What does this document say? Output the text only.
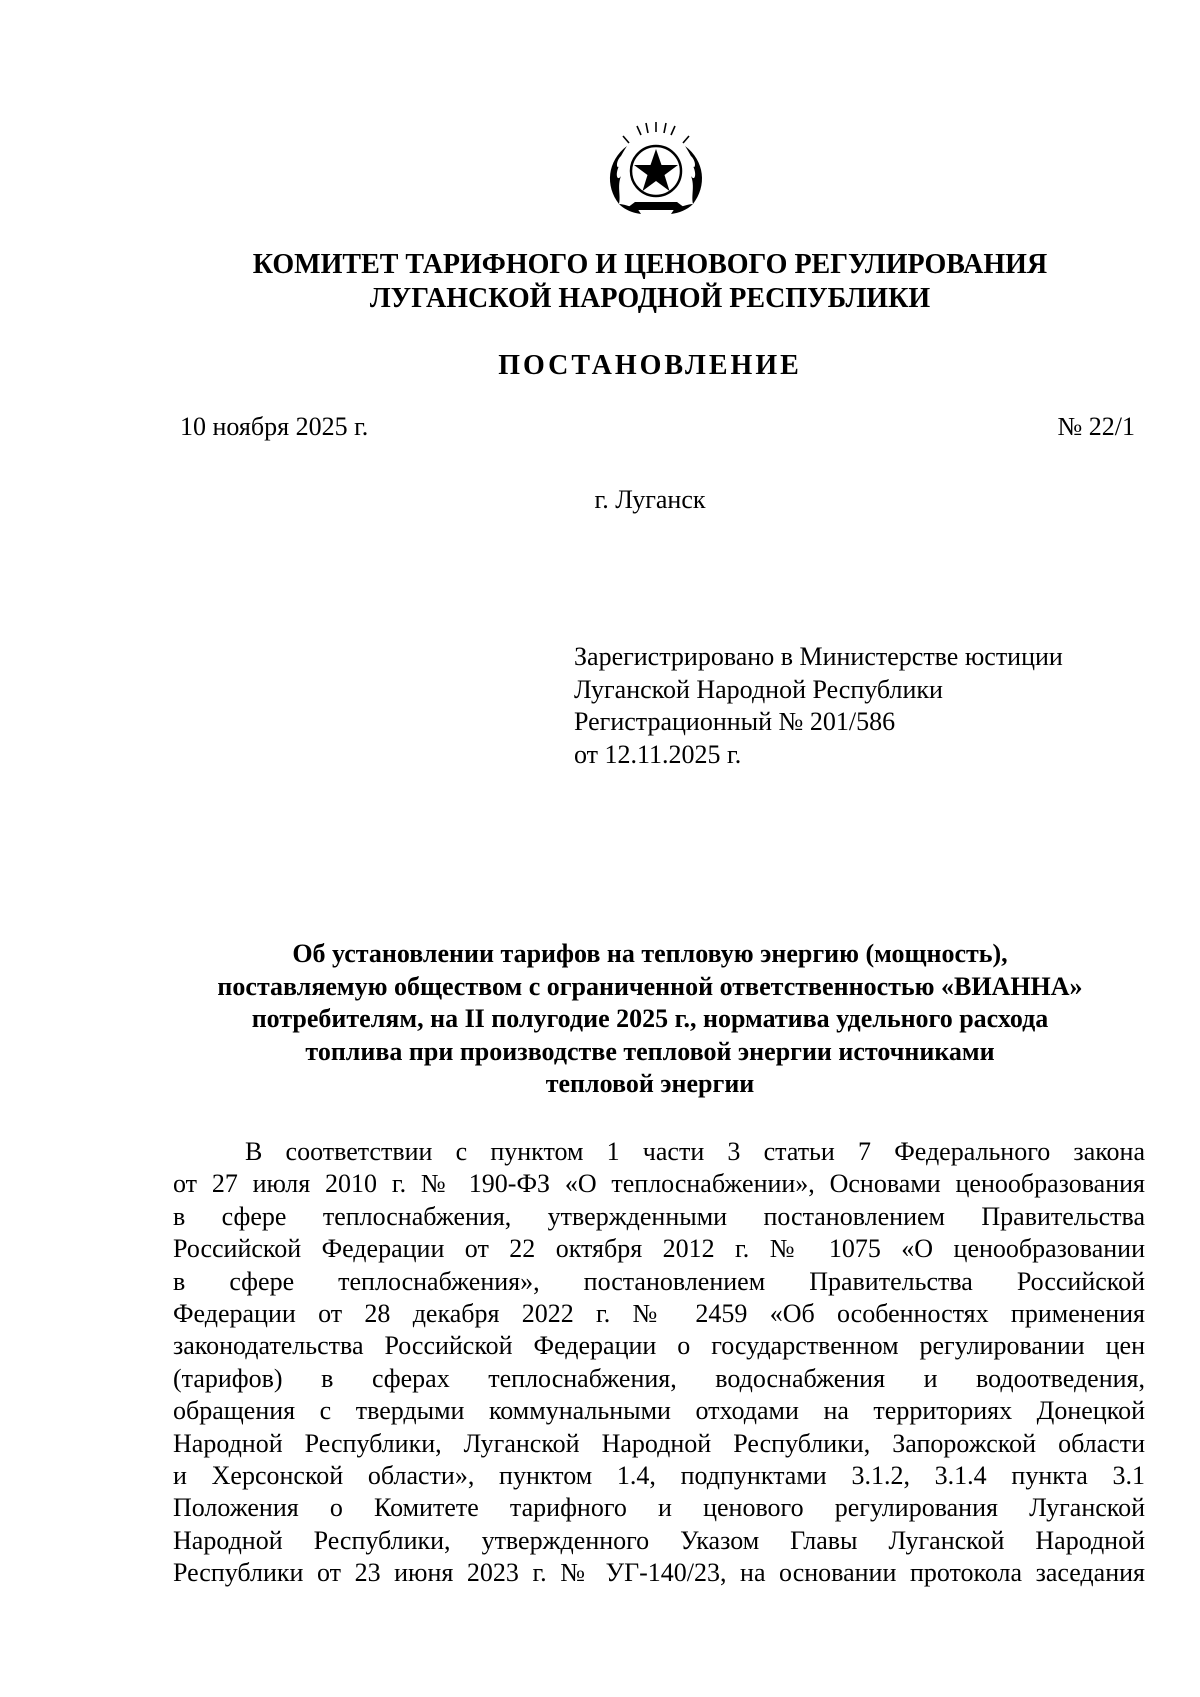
КОМИТЕТ ТАРИФНОГО И ЦЕНОВОГО РЕГУЛИРОВАНИЯ
ЛУГАНСКОЙ НАРОДНОЙ РЕСПУБЛИКИ
ПОСТАНОВЛЕНИЕ
10 ноября 2025 г.	№ 22/1
г. Луганск
Зарегистрировано в Министерстве юстиции
Луганской Народной Республики
Регистрационный № 201/586
от 12.11.2025 г.
Об установлении тарифов на тепловую энергию (мощность),
поставляемую обществом с ограниченной ответственностью «ВИАННА»
потребителям, на II полугодие 2025 г., норматива удельного расхода
топлива при производстве тепловой энергии источниками
тепловой энергии
В соответствии с пунктом 1 части 3 статьи 7 Федерального закона
от 27 июля 2010 г. № 190-ФЗ «О теплоснабжении», Основами ценообразования
в сфере теплоснабжения, утвержденными постановлением Правительства
Российской Федерации от 22 октября 2012 г. № 1075 «О ценообразовании
в сфере теплоснабжения», постановлением Правительства Российской
Федерации от 28 декабря 2022 г. № 2459 «Об особенностях применения
законодательства Российской Федерации о государственном регулировании цен
(тарифов) в сферах теплоснабжения, водоснабжения и водоотведения,
обращения с твердыми коммунальными отходами на территориях Донецкой
Народной Республики, Луганской Народной Республики, Запорожской области
и Херсонской области», пунктом 1.4, подпунктами 3.1.2, 3.1.4 пункта 3.1
Положения о Комитете тарифного и ценового регулирования Луганской
Народной Республики, утвержденного Указом Главы Луганской Народной
Республики от 23 июня 2023 г. № УГ-140/23, на основании протокола заседания
